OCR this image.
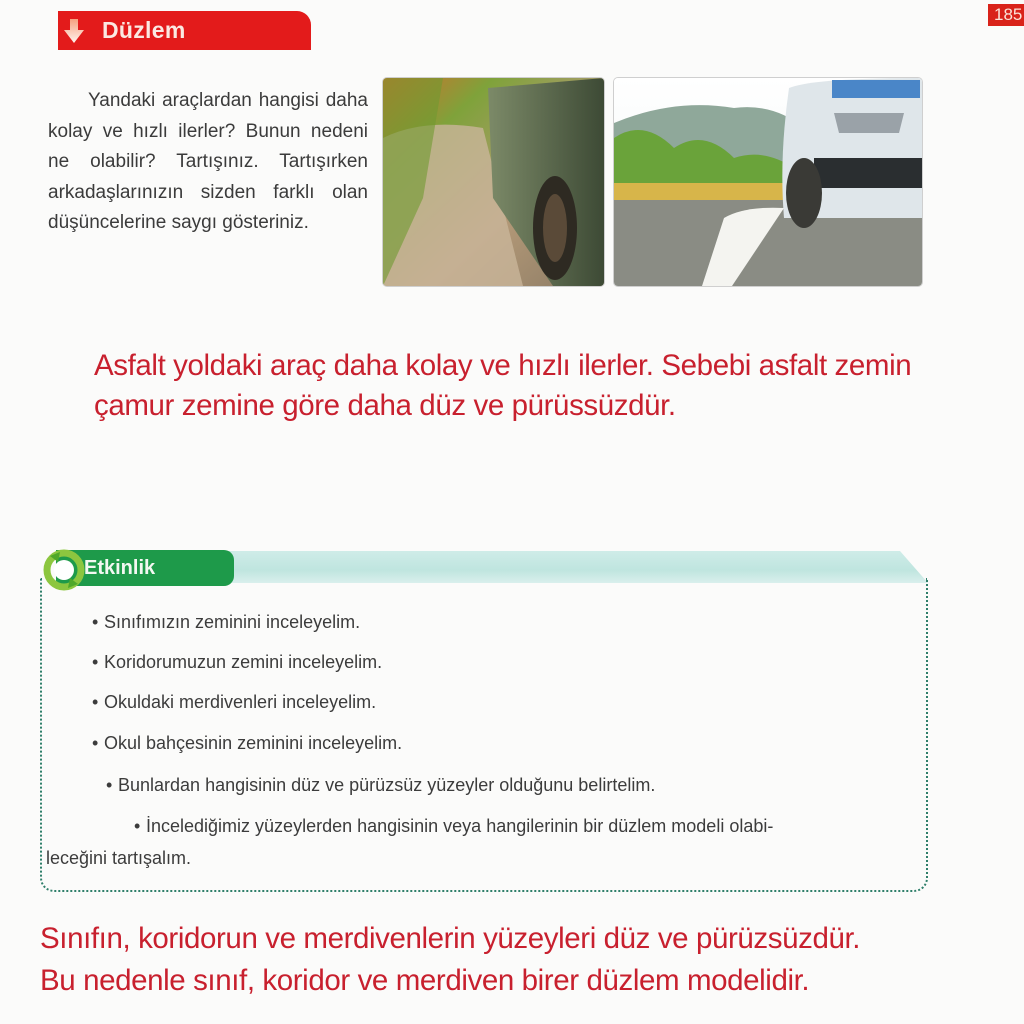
Düzlem
185

Yandaki araçlardan hangisi daha kolay ve hızlı ilerler? Bunun nedeni ne olabilir? Tartışınız. Tartışırken arkadaşlarınızın sizden farklı olan düşüncelerine saygı gösteriniz.

Asfalt yoldaki araç daha kolay ve hızlı ilerler. Sebebi asfalt zemin
çamur zemine göre daha düz ve pürüssüzdür.
Etkinlik
• Sınıfımızın zeminini inceleyelim.
• Koridorumuzun zemini inceleyelim.
• Okuldaki merdivenleri inceleyelim.
• Okul bahçesinin zeminini inceleyelim.
• Bunlardan hangisinin düz ve pürüzsüz yüzeyler olduğunu belirtelim.
• İncelediğimiz yüzeylerden hangisinin veya hangilerinin bir düzlem modeli olabi-
leceğini tartışalım.
Sınıfın, koridorun ve merdivenlerin yüzeyleri düz ve pürüzsüzdür.
Bu nedenle sınıf, koridor ve merdiven birer düzlem modelidir.
